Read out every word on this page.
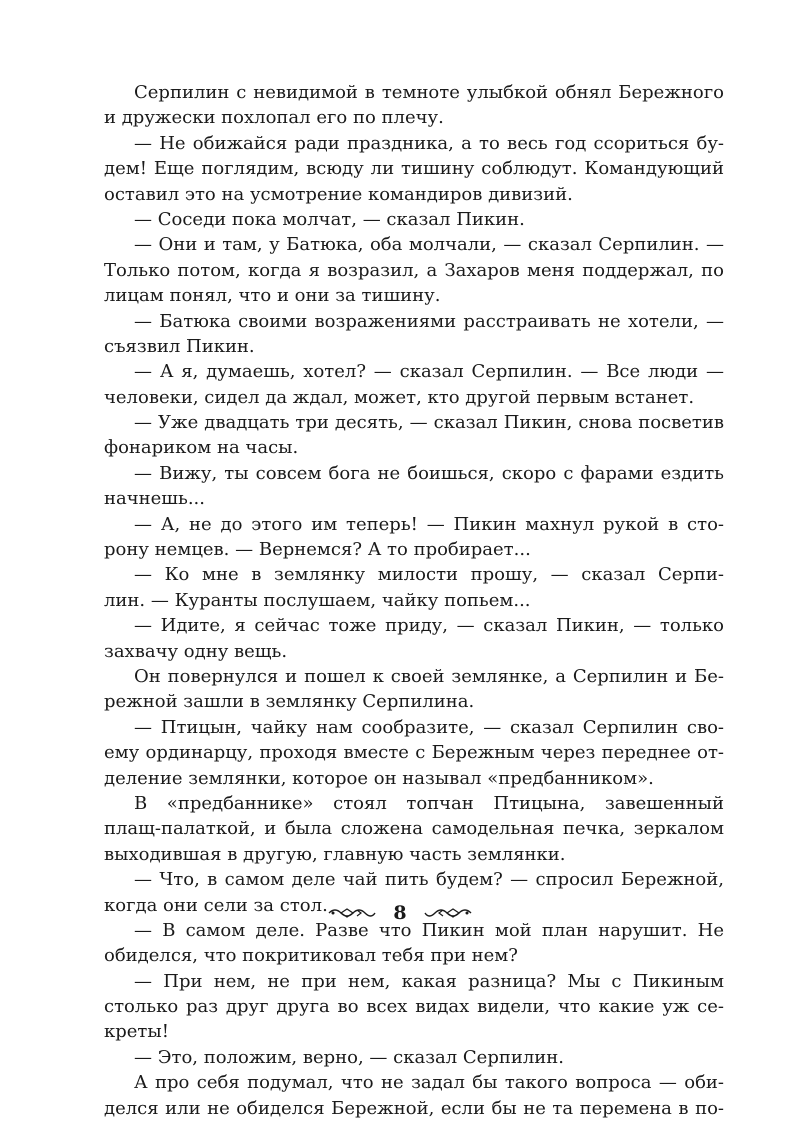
Серпилин с невидимой в темноте улыбкой обнял Бережного
и дружески похлопал его по плечу.
— Не обижайся ради праздника, а то весь год ссориться бу-
дем! Еще поглядим, всюду ли тишину соблюдут. Командующий
оставил это на усмотрение командиров дивизий.
— Соседи пока молчат, — сказал Пикин.
— Они и там, у Батюка, оба молчали, — сказал Серпилин. —
Только потом, когда я возразил, а Захаров меня поддержал, по
лицам понял, что и они за тишину.
— Батюка своими возражениями расстраивать не хотели, —
съязвил Пикин.
— А я, думаешь, хотел? — сказал Серпилин. — Все люди —
человеки, сидел да ждал, может, кто другой первым встанет.
— Уже двадцать три десять, — сказал Пикин, снова посветив
фонариком на часы.
— Вижу, ты совсем бога не боишься, скоро с фарами ездить
начнешь...
— А, не до этого им теперь! — Пикин махнул рукой в сто-
рону немцев. — Вернемся? А то пробирает...
— Ко мне в землянку милости прошу, — сказал Серпи-
лин. — Куранты послушаем, чайку попьем...
— Идите, я сейчас тоже приду, — сказал Пикин, — только
захвачу одну вещь.
Он повернулся и пошел к своей землянке, а Серпилин и Бе-
режной зашли в землянку Серпилина.
— Птицын, чайку нам сообразите, — сказал Серпилин сво-
ему ординарцу, проходя вместе с Бережным через переднее от-
деление землянки, которое он называл «предбанником».
В «предбаннике» стоял топчан Птицына, завешенный
плащ-палаткой, и была сложена самодельная печка, зеркалом
выходившая в другую, главную часть землянки.
— Что, в самом деле чай пить будем? — спросил Бережной,
когда они сели за стол.
— В самом деле. Разве что Пикин мой план нарушит. Не
обиделся, что покритиковал тебя при нем?
— При нем, не при нем, какая разница? Мы с Пикиным
столько раз друг друга во всех видах видели, что какие уж се-
креты!
— Это, положим, верно, — сказал Серпилин.
А про себя подумал, что не задал бы такого вопроса — оби-
делся или не обиделся Бережной, если бы не та перемена в по-
8
